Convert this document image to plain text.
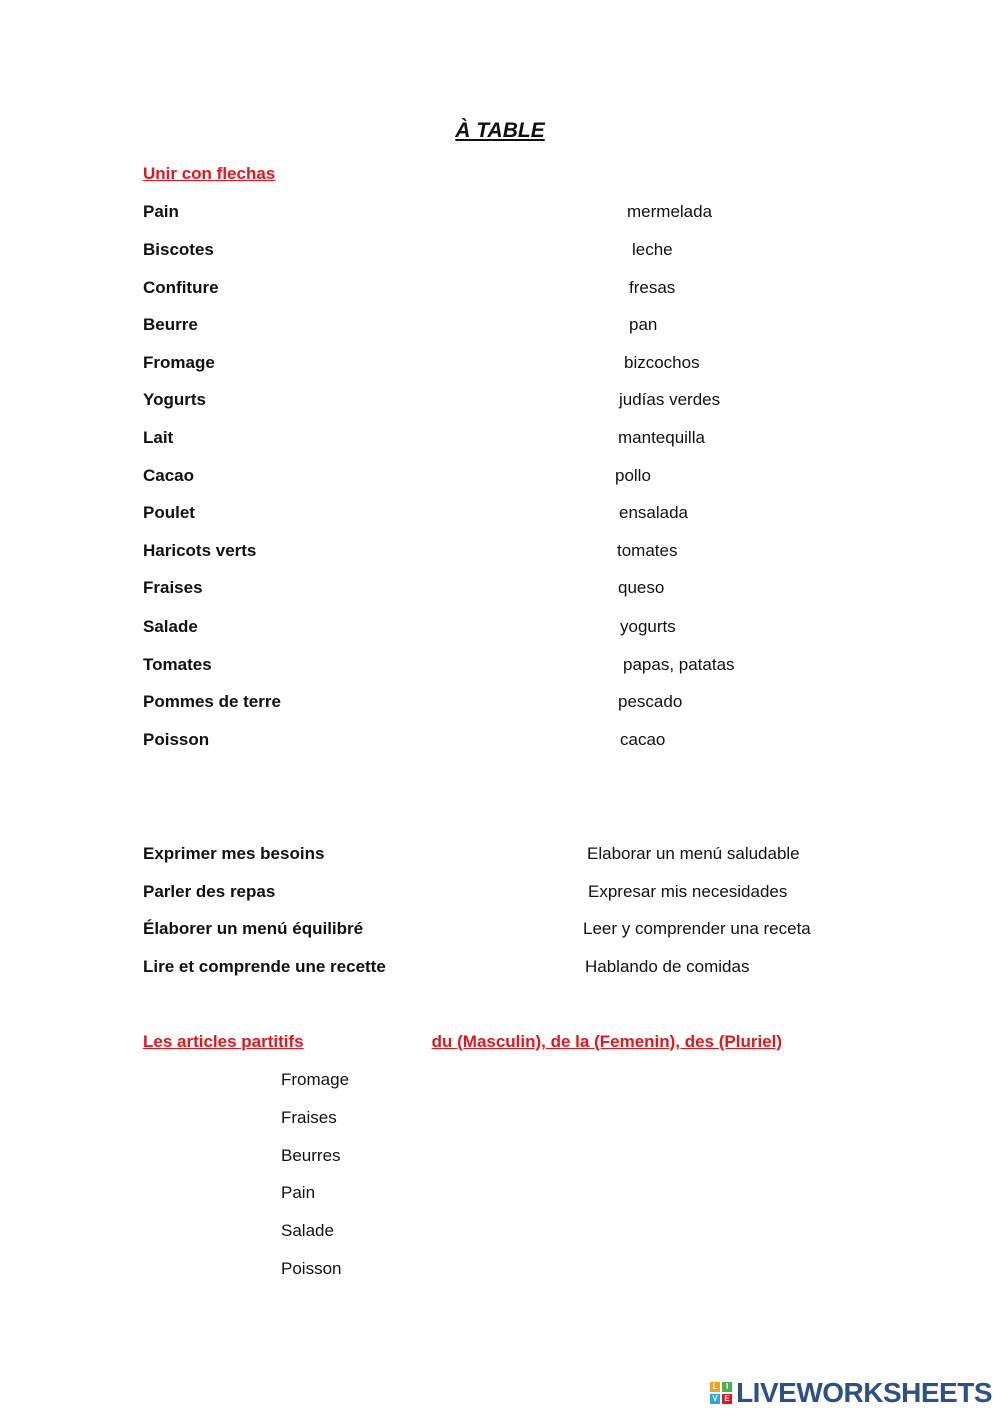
À TABLE
Unir con flechas
Pain
Biscotes
Confiture
Beurre
Fromage
Yogurts
Lait
Cacao
Poulet
Haricots verts
Fraises
Salade
Tomates
Pommes de terre
Poisson
mermelada
leche
fresas
pan
bizcochos
judías verdes
mantequilla
pollo
ensalada
tomates
queso
yogurts
papas, patatas
pescado
cacao
Exprimer mes besoins
Parler des repas
Élaborer un menú équilibré
Lire et comprende une recette
Elaborar un menú saludable
Expresar mis necesidades
Leer y comprender una receta
Hablando de comidas
Les articles partitifs	du (Masculin), de la (Femenin), des (Pluriel)
Fromage
Fraises
Beurres
Pain
Salade
Poisson
L	I
V E LIVEWORKSHEETS
